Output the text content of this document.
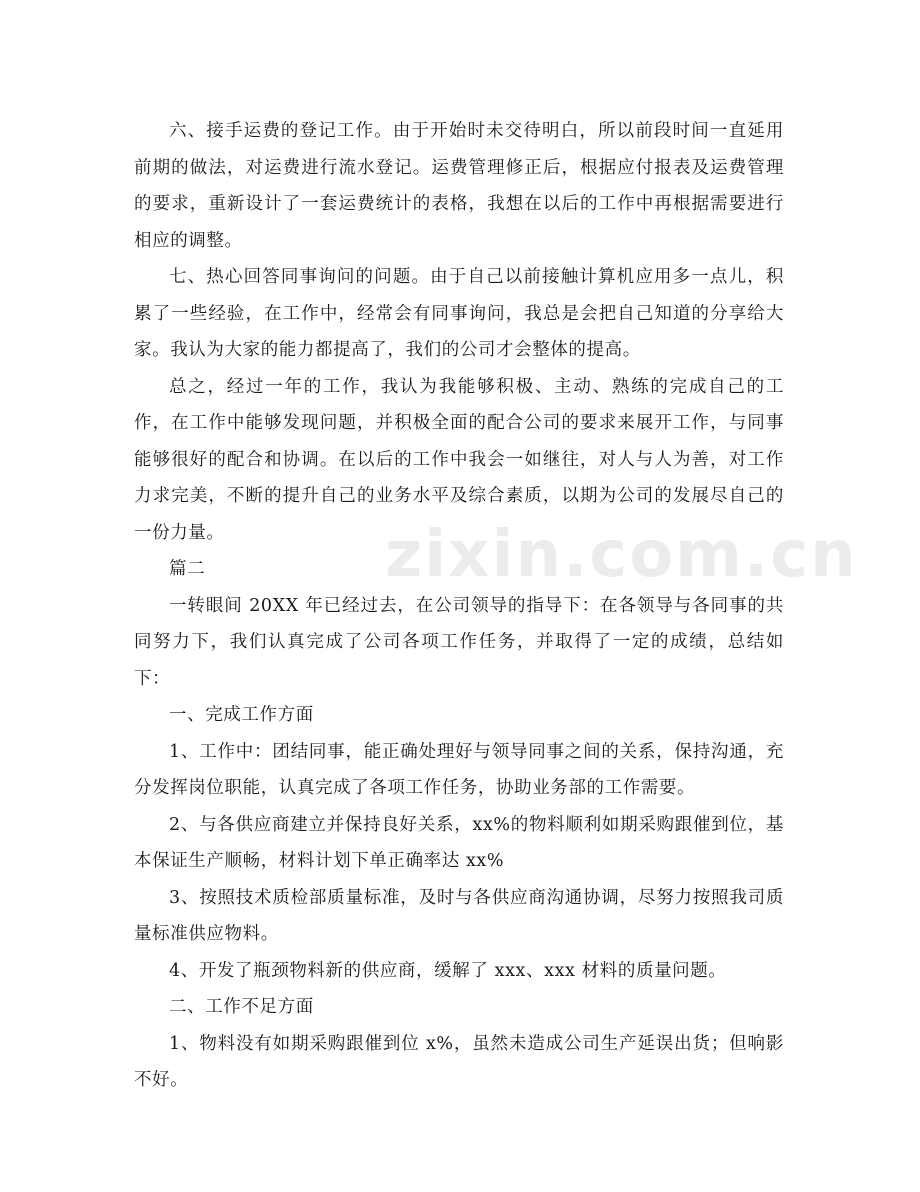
zixin.com.cn

六、接手运费的登记工作。由于开始时未交待明白，所以前段时间一直延用前期的做法，对运费进行流水登记。运费管理修正后，根据应付报表及运费管理的要求，重新设计了一套运费统计的表格，我想在以后的工作中再根据需要进行相应的调整。

七、热心回答同事询问的问题。由于自己以前接触计算机应用多一点儿，积累了一些经验，在工作中，经常会有同事询问，我总是会把自己知道的分享给大家。我认为大家的能力都提高了，我们的公司才会整体的提高。

总之，经过一年的工作，我认为我能够积极、主动、熟练的完成自己的工作，在工作中能够发现问题，并积极全面的配合公司的要求来展开工作，与同事能够很好的配合和协调。在以后的工作中我会一如继往，对人与人为善，对工作力求完美，不断的提升自己的业务水平及综合素质，以期为公司的发展尽自己的一份力量。

篇二

一转眼间 20XX 年已经过去，在公司领导的指导下：在各领导与各同事的共同努力下，我们认真完成了公司各项工作任务，并取得了一定的成绩，总结如下：

一、完成工作方面

1、工作中：团结同事，能正确处理好与领导同事之间的关系，保持沟通，充分发挥岗位职能，认真完成了各项工作任务，协助业务部的工作需要。

2、与各供应商建立并保持良好关系，xx%的物料顺利如期采购跟催到位，基本保证生产顺畅，材料计划下单正确率达 xx%

3、按照技术质检部质量标准，及时与各供应商沟通协调，尽努力按照我司质量标准供应物料。

4、开发了瓶颈物料新的供应商，缓解了 xxx、xxx 材料的质量问题。

二、工作不足方面

1、物料没有如期采购跟催到位 x%，虽然未造成公司生产延误出货；但响影不好。
